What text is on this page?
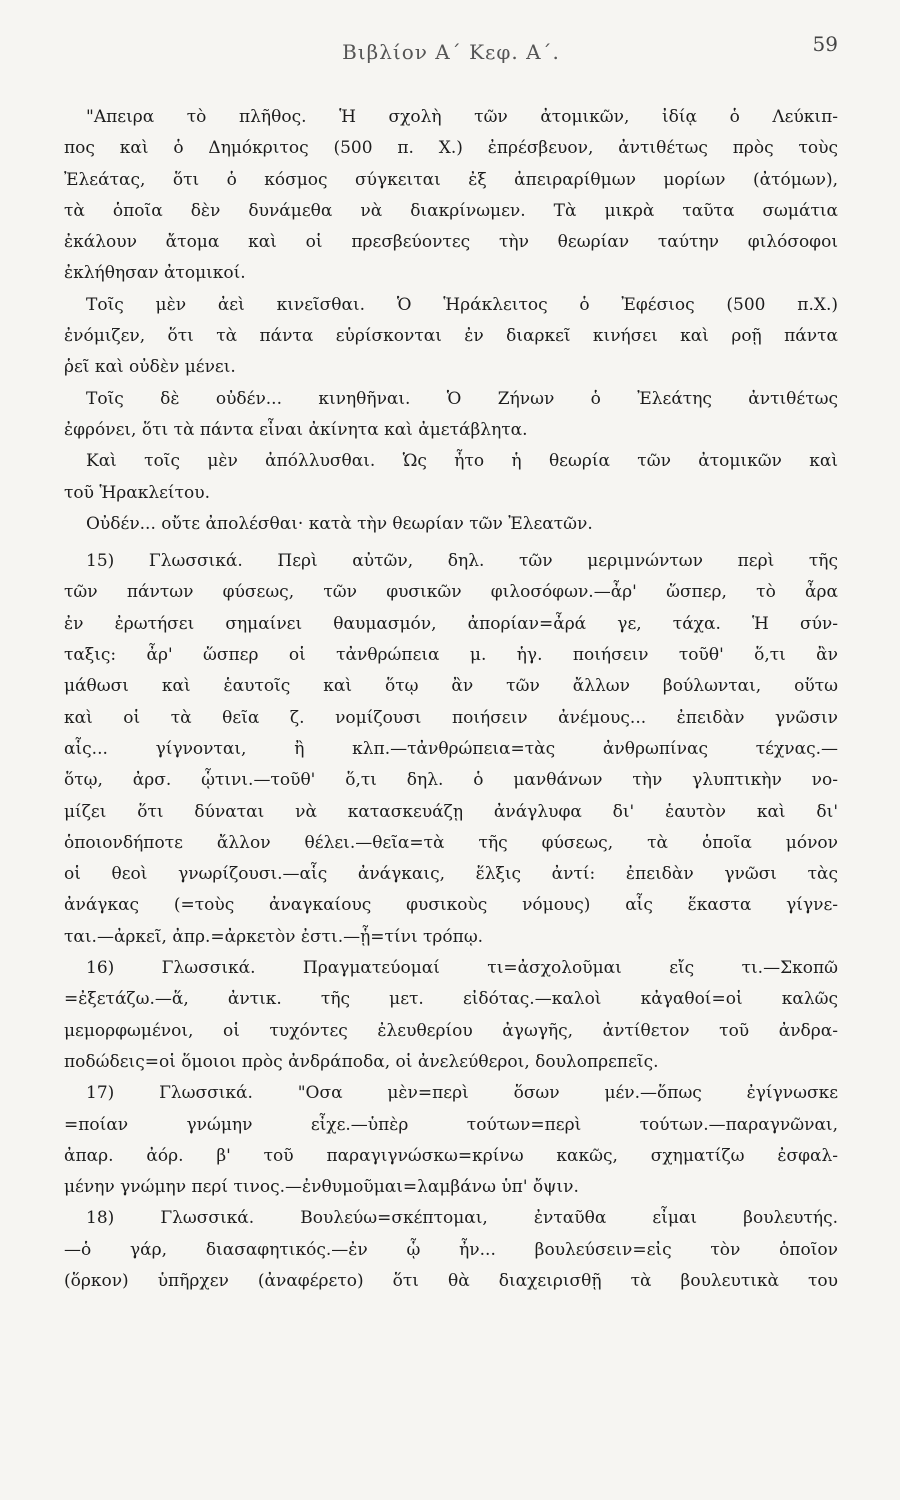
Βιβλίον Α΄ Κεφ. Α΄.	59
"Απειρα τὸ πλῆθος. Ἡ σχολὴ τῶν ἀτομικῶν, ἰδίᾳ ὁ Λεύκιπ-
πος καὶ ὁ Δημόκριτος (500 π. Χ.) ἐπρέσβευον, ἀντιθέτως πρὸς τοὺς
Ἐλεάτας, ὅτι ὁ κόσμος σύγκειται ἐξ ἀπειραρίθμων μορίων (ἀτόμων),
τὰ ὁποῖα δὲν δυνάμεθα νὰ διακρίνωμεν. Τὰ μικρὰ ταῦτα σωμάτια
ἐκάλουν ἄτομα καὶ οἱ πρεσβεύοντες τὴν θεωρίαν ταύτην φιλόσοφοι
ἐκλήθησαν ἀτομικοί.
Τοῖς μὲν ἀεὶ κινεῖσθαι. Ὁ Ἡράκλειτος ὁ Ἐφέσιος (500 π.Χ.)
ἐνόμιζεν, ὅτι τὰ πάντα εὑρίσκονται ἐν διαρκεῖ κινήσει καὶ ροῇ πάντα
ῥεῖ καὶ οὐδὲν μένει.
Τοῖς δὲ οὐδέν... κινηθῆναι. Ὁ Ζήνων ὁ Ἐλεάτης ἀντιθέτως
ἐφρόνει, ὅτι τὰ πάντα εἶναι ἀκίνητα καὶ ἀμετάβλητα.
Καὶ τοῖς μὲν ἀπόλλυσθαι. Ὡς ἦτο ἡ θεωρία τῶν ἀτομικῶν καὶ
τοῦ Ἡρακλείτου.
Οὐδέν... οὔτε ἀπολέσθαι· κατὰ τὴν θεωρίαν τῶν Ἐλεατῶν.
15) Γλωσσικά. Περὶ αὐτῶν, δηλ. τῶν μεριμνώντων περὶ τῆς
τῶν πάντων φύσεως, τῶν φυσικῶν φιλοσόφων.—ἆρ' ὥσπερ, τὸ ἆρα
ἐν ἐρωτήσει σημαίνει θαυμασμόν, ἀπορίαν=ἆρά γε, τάχα. Ἡ σύν-
ταξις: ἆρ' ὥσπερ οἱ τἀνθρώπεια μ. ἡγ. ποιήσειν τοῦθ' ὅ,τι ἂν
μάθωσι καὶ ἑαυτοῖς καὶ ὅτῳ ἂν τῶν ἄλλων βούλωνται, οὕτω
καὶ οἱ τὰ θεῖα ζ. νομίζουσι ποιήσειν ἀνέμους... ἐπειδὰν γνῶσιν
αἷς... γίγνονται, ἢ κλπ.—τἀνθρώπεια=τὰς ἀνθρωπίνας τέχνας.—
ὅτῳ, ἀρσ. ᾧτινι.—τοῦθ' ὅ,τι δηλ. ὁ μανθάνων τὴν γλυπτικὴν νο-
μίζει ὅτι δύναται νὰ κατασκευάζῃ ἀνάγλυφα δι' ἑαυτὸν καὶ δι'
ὁποιονδήποτε ἄλλον θέλει.—θεῖα=τὰ τῆς φύσεως, τὰ ὁποῖα μόνον
οἱ θεοὶ γνωρίζουσι.—αἷς ἀνάγκαις, ἕλξις ἀντί: ἐπειδὰν γνῶσι τὰς
ἀνάγκας (=τοὺς ἀναγκαίους φυσικοὺς νόμους) αἷς ἕκαστα γίγνε-
ται.—ἀρκεῖ, ἀπρ.=ἀρκετὸν ἐστι.—ᾗ=τίνι τρόπῳ.
16) Γλωσσικά. Πραγματεύομαί τι=ἀσχολοῦμαι εἴς τι.—Σκοπῶ
=ἐξετάζω.—ἅ, ἀντικ. τῆς μετ. εἰδότας.—καλοὶ κἀγαθοί=οἱ καλῶς
μεμορφωμένοι, οἱ τυχόντες ἐλευθερίου ἀγωγῆς, ἀντίθετον τοῦ ἀνδρα-
ποδώδεις=οἱ ὅμοιοι πρὸς ἀνδράποδα, οἱ ἀνελεύθεροι, δουλοπρεπεῖς.
17) Γλωσσικά. "Οσα μὲν=περὶ ὅσων μέν.—ὅπως ἐγίγνωσκε
=ποίαν γνώμην εἶχε.—ὑπὲρ τούτων=περὶ τούτων.—παραγνῶναι,
ἀπαρ. ἀόρ. β' τοῦ παραγιγνώσκω=κρίνω κακῶς, σχηματίζω ἐσφαλ-
μένην γνώμην περί τινος.—ἐνθυμοῦμαι=λαμβάνω ὑπ' ὄψιν.
18) Γλωσσικά. Βουλεύω=σκέπτομαι, ἐνταῦθα εἶμαι βουλευτής.
—ὁ γάρ, διασαφητικός.—ἐν ᾧ ἦν... βουλεύσειν=εἰς τὸν ὁποῖον
(ὅρκον) ὑπῆρχεν (ἀναφέρετο) ὅτι θὰ διαχειρισθῇ τὰ βουλευτικὰ του
